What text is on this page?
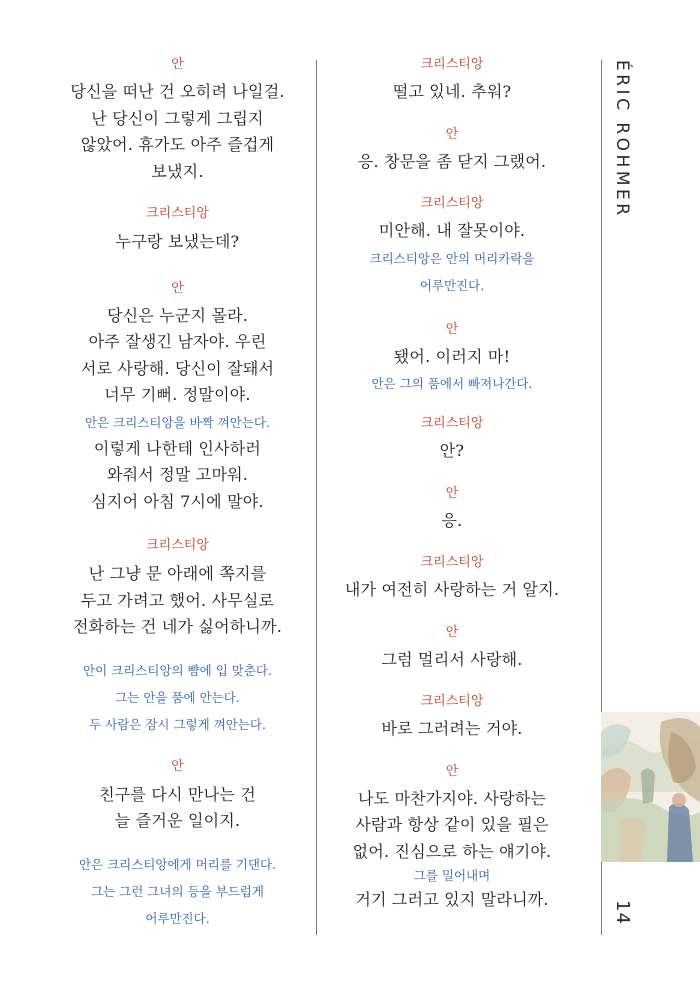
안
당신을 떠난 건 오히려 나일걸.
난 당신이 그렇게 그립지
않았어. 휴가도 아주 즐겁게
보냈지.
크리스티앙
누구랑 보냈는데?
안
당신은 누군지 몰라.
아주 잘생긴 남자야. 우린
서로 사랑해. 당신이 잘돼서
너무 기뻐. 정말이야.
안은 크리스티앙을 바짝 껴안는다.
이렇게 나한테 인사하러
와줘서 정말 고마워.
심지어 아침 7시에 말야.
크리스티앙
난 그냥 문 아래에 쪽지를
두고 가려고 했어. 사무실로
전화하는 건 네가 싫어하니까.
안이 크리스티앙의 뺨에 입 맞춘다.
그는 안을 품에 안는다.
두 사람은 잠시 그렇게 껴안는다.
안
친구를 다시 만나는 건
늘 즐거운 일이지.
안은 크리스티앙에게 머리를 기댄다.
그는 그런 그녀의 등을 부드럽게
어루만진다.
크리스티앙
떨고 있네. 추워?
안
응. 창문을 좀 닫지 그랬어.
크리스티앙
미안해. 내 잘못이야.
크리스티앙은 안의 머리카락을
어루만진다.
안
됐어. 이러지 마!
안은 그의 품에서 빠져나간다.
크리스티앙
안?
안
응.
크리스티앙
내가 여전히 사랑하는 거 알지.
안
그럼 멀리서 사랑해.
크리스티앙
바로 그러려는 거야.
안
나도 마찬가지야. 사랑하는
사람과 항상 같이 있을 필은
없어. 진심으로 하는 얘기야.
그를 밀어내며
거기 그러고 있지 말라니까.
ÉRIC ROHMER
14
